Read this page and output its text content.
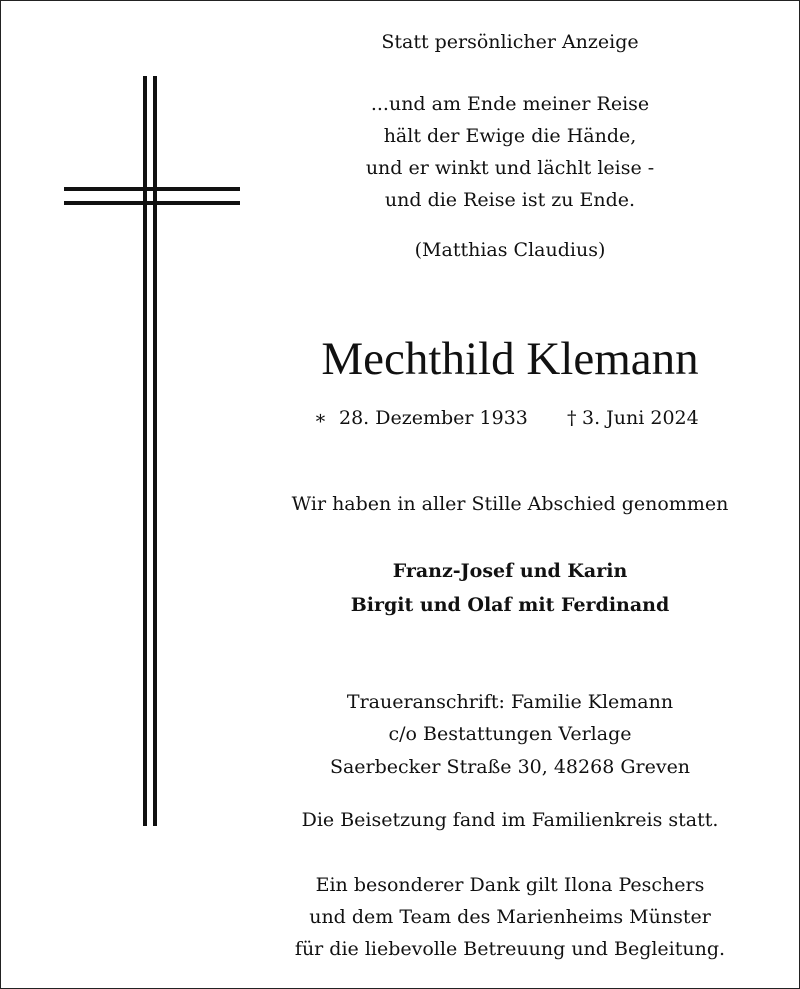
Statt persönlicher Anzeige
...und am Ende meiner Reise
hält der Ewige die Hände,
und er winkt und lächlt leise -
und die Reise ist zu Ende.
(Matthias Claudius)
Mechthild Klemann
∗ 28. Dezember 1933 † 3. Juni 2024
Wir haben in aller Stille Abschied genommen
Franz-Josef und Karin
Birgit und Olaf mit Ferdinand
Traueranschrift: Familie Klemann
c/o Bestattungen Verlage
Saerbecker Straße 30, 48268 Greven
Die Beisetzung fand im Familienkreis statt.
Ein besonderer Dank gilt Ilona Peschers
und dem Team des Marienheims Münster
für die liebevolle Betreuung und Begleitung.
